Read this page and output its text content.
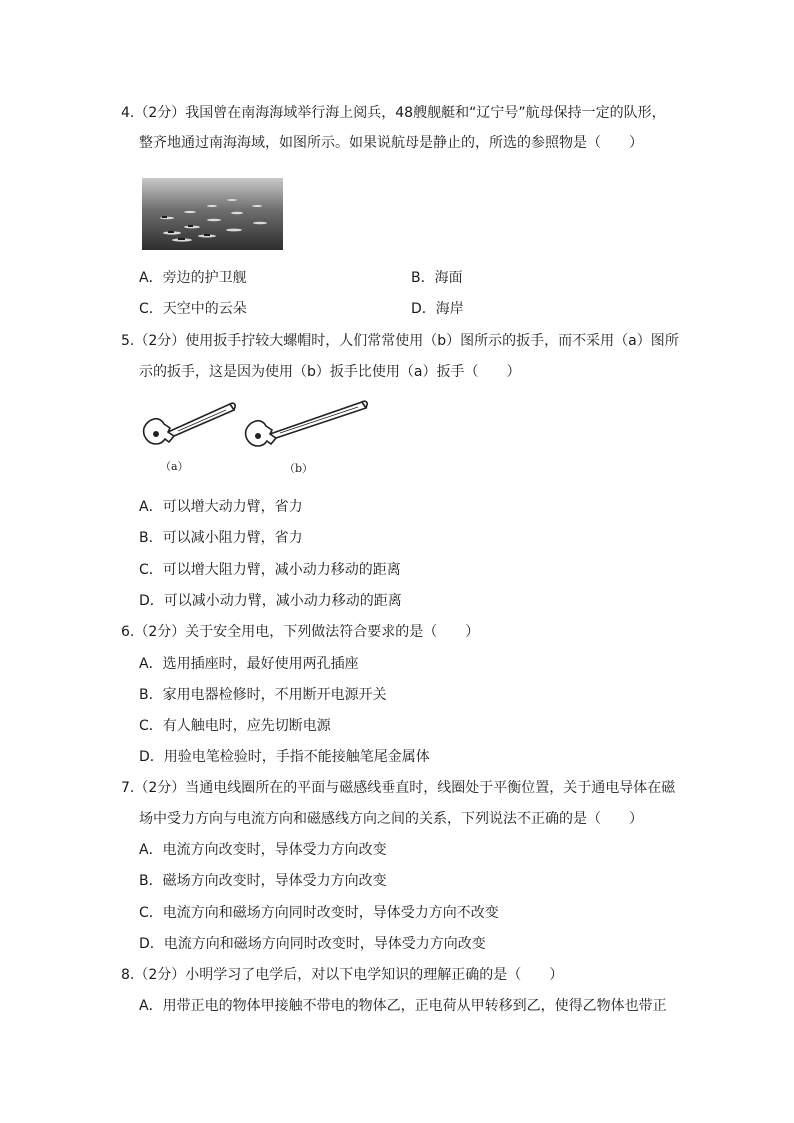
4.（2分）我国曾在南海海域举行海上阅兵，48艘舰艇和“辽宁号”航母保持一定的队形，
整齐地通过南海海域，如图所示。如果说航母是静止的，所选的参照物是（　　）
A．旁边的护卫舰	B．海面
C．天空中的云朵	D．海岸
5.（2分）使用扳手拧较大螺帽时，人们常常使用（b）图所示的扳手，而不采用（a）图所
示的扳手，这是因为使用（b）扳手比使用（a）扳手（　　）
（a）	（b）
A．可以增大动力臂，省力
B．可以减小阻力臂，省力
C．可以增大阻力臂，减小动力移动的距离
D．可以减小动力臂，减小动力移动的距离
6.（2分）关于安全用电，下列做法符合要求的是（　　）
A．选用插座时，最好使用两孔插座
B．家用电器检修时，不用断开电源开关
C．有人触电时，应先切断电源
D．用验电笔检验时，手指不能接触笔尾金属体
7.（2分）当通电线圈所在的平面与磁感线垂直时，线圈处于平衡位置，关于通电导体在磁
场中受力方向与电流方向和磁感线方向之间的关系，下列说法不正确的是（　　）
A．电流方向改变时，导体受力方向改变
B．磁场方向改变时，导体受力方向改变
C．电流方向和磁场方向同时改变时，导体受力方向不改变
D．电流方向和磁场方向同时改变时，导体受力方向改变
8.（2分）小明学习了电学后，对以下电学知识的理解正确的是（　　）
A．用带正电的物体甲接触不带电的物体乙，正电荷从甲转移到乙，使得乙物体也带正
